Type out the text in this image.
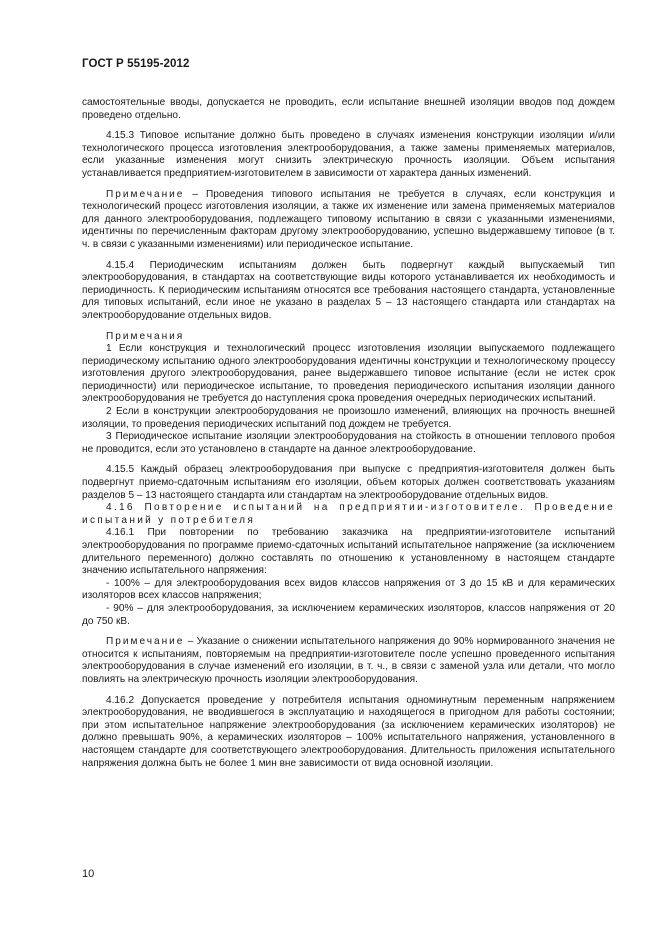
ГОСТ Р 55195-2012

самостоятельные вводы, допускается не проводить, если испытание внешней изоляции вводов под дождем проведено отдельно.

4.15.3 Типовое испытание должно быть проведено в случаях изменения конструкции изоляции и/или технологического процесса изготовления электрооборудования, а также замены применяемых материалов, если указанные изменения могут снизить электрическую прочность изоляции. Объем испытания устанавливается предприятием-изготовителем в зависимости от характера данных изменений.

Примечание – Проведения типового испытания не требуется в случаях, если конструкция и технологический процесс изготовления изоляции, а также их изменение или замена применяемых материалов для данного электрооборудования, подлежащего типовому испытанию в связи с указанными изменениями, идентичны по перечисленным факторам другому электрооборудованию, успешно выдержавшему типовое (в т. ч. в связи с указанными изменениями) или периодическое испытание.

4.15.4 Периодическим испытаниям должен быть подвергнут каждый выпускаемый тип электрооборудования, в стандартах на соответствующие виды которого устанавливается их необходимость и периодичность. К периодическим испытаниям относятся все требования настоящего стандарта, установленные для типовых испытаний, если иное не указано в разделах 5 – 13 настоящего стандарта или стандартах на электрооборудование отдельных видов.

Примечания

1 Если конструкция и технологический процесс изготовления изоляции выпускаемого подлежащего периодическому испытанию одного электрооборудования идентичны конструкции и технологическому процессу изготовления другого электрооборудования, ранее выдержавшего типовое испытание (если не истек срок периодичности) или периодическое испытание, то проведения периодического испытания изоляции данного электрооборудования не требуется до наступления срока проведения очередных периодических испытаний.

2 Если в конструкции электрооборудования не произошло изменений, влияющих на прочность внешней изоляции, то проведения периодических испытаний под дождем не требуется.

3 Периодическое испытание изоляции электрооборудования на стойкость в отношении теплового пробоя не проводится, если это установлено в стандарте на данное электрооборудование.

4.15.5 Каждый образец электрооборудования при выпуске с предприятия-изготовителя должен быть подвергнут приемо-сдаточным испытаниям его изоляции, объем которых должен соответствовать указаниям разделов 5 – 13 настоящего стандарта или стандартам на электрооборудование отдельных видов.

4.16 Повторение испытаний на предприятии-изготовителе. Проведение испытаний у потребителя

4.16.1 При повторении по требованию заказчика на предприятии-изготовителе испытаний электрооборудования по программе приемо-сдаточных испытаний испытательное напряжение (за исключением длительного переменного) должно составлять по отношению к установленному в настоящем стандарте значению испытательного напряжения:

- 100% – для электрооборудования всех видов классов напряжения от 3 до 15 кВ и для керамических изоляторов всех классов напряжения;

- 90% – для электрооборудования, за исключением керамических изоляторов, классов напряжения от 20 до 750 кВ.

Примечание – Указание о снижении испытательного напряжения до 90% нормированного значения не относится к испытаниям, повторяемым на предприятии-изготовителе после успешно проведенного испытания электрооборудования в случае изменений его изоляции, в т. ч., в связи с заменой узла или детали, что могло повлиять на электрическую прочность изоляции электрооборудования.

4.16.2 Допускается проведение у потребителя испытания одноминутным переменным напряжением электрооборудования, не вводившегося в эксплуатацию и находящегося в пригодном для работы состоянии; при этом испытательное напряжение электрооборудования (за исключением керамических изоляторов) не должно превышать 90%, а керамических изоляторов – 100% испытательного напряжения, установленного в настоящем стандарте для соответствующего электрооборудования. Длительность приложения испытательного напряжения должна быть не более 1 мин вне зависимости от вида основной изоляции.

10
